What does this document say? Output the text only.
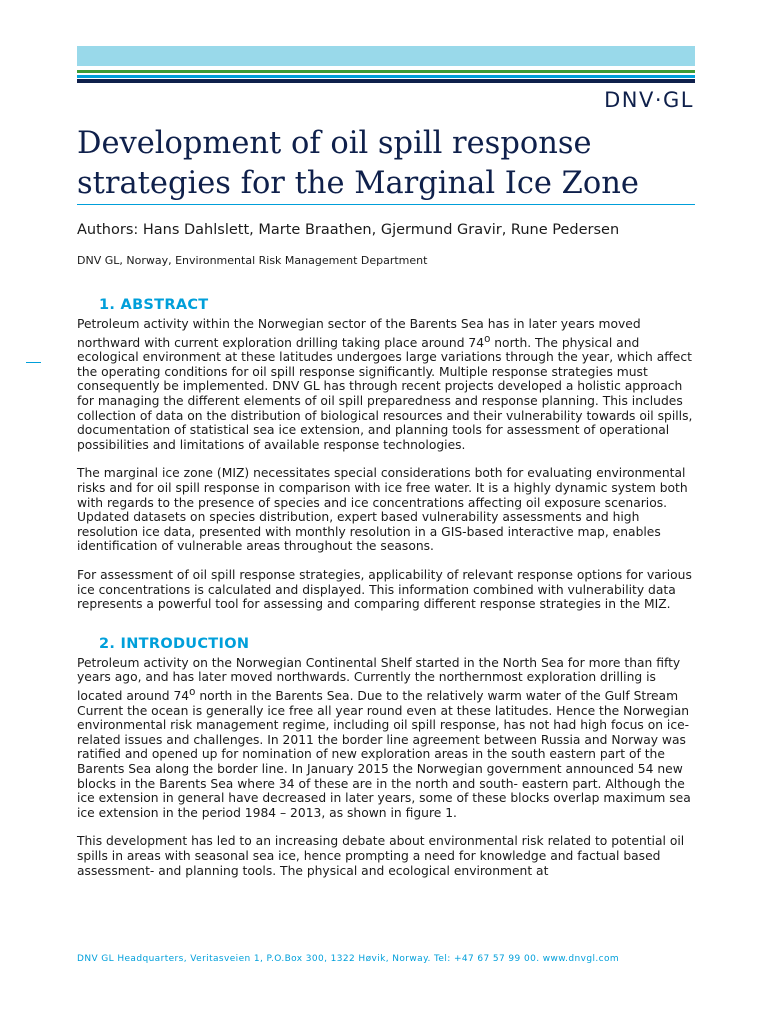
DNV·GL
Development of oil spill response
strategies for the Marginal Ice Zone
Authors: Hans Dahlslett, Marte Braathen, Gjermund Gravir, Rune Pedersen
DNV GL, Norway, Environmental Risk Management Department
1. ABSTRACT

Petroleum activity within the Norwegian sector of the Barents Sea has in later years moved northward with current exploration drilling taking place around 74$^o$ north. The physical and ecological environment at these latitudes undergoes large variations through the year, which affect the operating conditions for oil spill response significantly. Multiple response strategies must consequently be implemented. DNV GL has through recent projects developed a holistic approach for managing the different elements of oil spill preparedness and response planning. This includes collection of data on the distribution of biological resources and their vulnerability towards oil spills, documentation of statistical sea ice extension, and planning tools for assessment of operational possibilities and limitations of available response technologies.

The marginal ice zone (MIZ) necessitates special considerations both for evaluating environmental risks and for oil spill response in comparison with ice free water. It is a highly dynamic system both with regards to the presence of species and ice concentrations affecting oil exposure scenarios. Updated datasets on species distribution, expert based vulnerability assessments and high resolution ice data, presented with monthly resolution in a GIS-based interactive map, enables identification of vulnerable areas throughout the seasons.

For assessment of oil spill response strategies, applicability of relevant response options for various ice concentrations is calculated and displayed. This information combined with vulnerability data represents a powerful tool for assessing and comparing different response strategies in the MIZ.

2. INTRODUCTION

Petroleum activity on the Norwegian Continental Shelf started in the North Sea for more than fifty years ago, and has later moved northwards. Currently the northernmost exploration drilling is located around 74$^o$ north in the Barents Sea. Due to the relatively warm water of the Gulf Stream Current the ocean is generally ice free all year round even at these latitudes. Hence the Norwegian environmental risk management regime, including oil spill response, has not had high focus on ice-related issues and challenges. In 2011 the border line agreement between Russia and Norway was ratified and opened up for nomination of new exploration areas in the south eastern part of the Barents Sea along the border line. In January 2015 the Norwegian government announced 54 new blocks in the Barents Sea where 34 of these are in the north and south- eastern part. Although the ice extension in general have decreased in later years, some of these blocks overlap maximum sea ice extension in the period 1984 – 2013, as shown in figure 1.

This development has led to an increasing debate about environmental risk related to potential oil spills in areas with seasonal sea ice, hence prompting a need for knowledge and factual based assessment- and planning tools. The physical and ecological environment at

DNV GL Headquarters, Veritasveien 1, P.O.Box 300, 1322 Høvik, Norway. Tel: +47 67 57 99 00. www.dnvgl.com
